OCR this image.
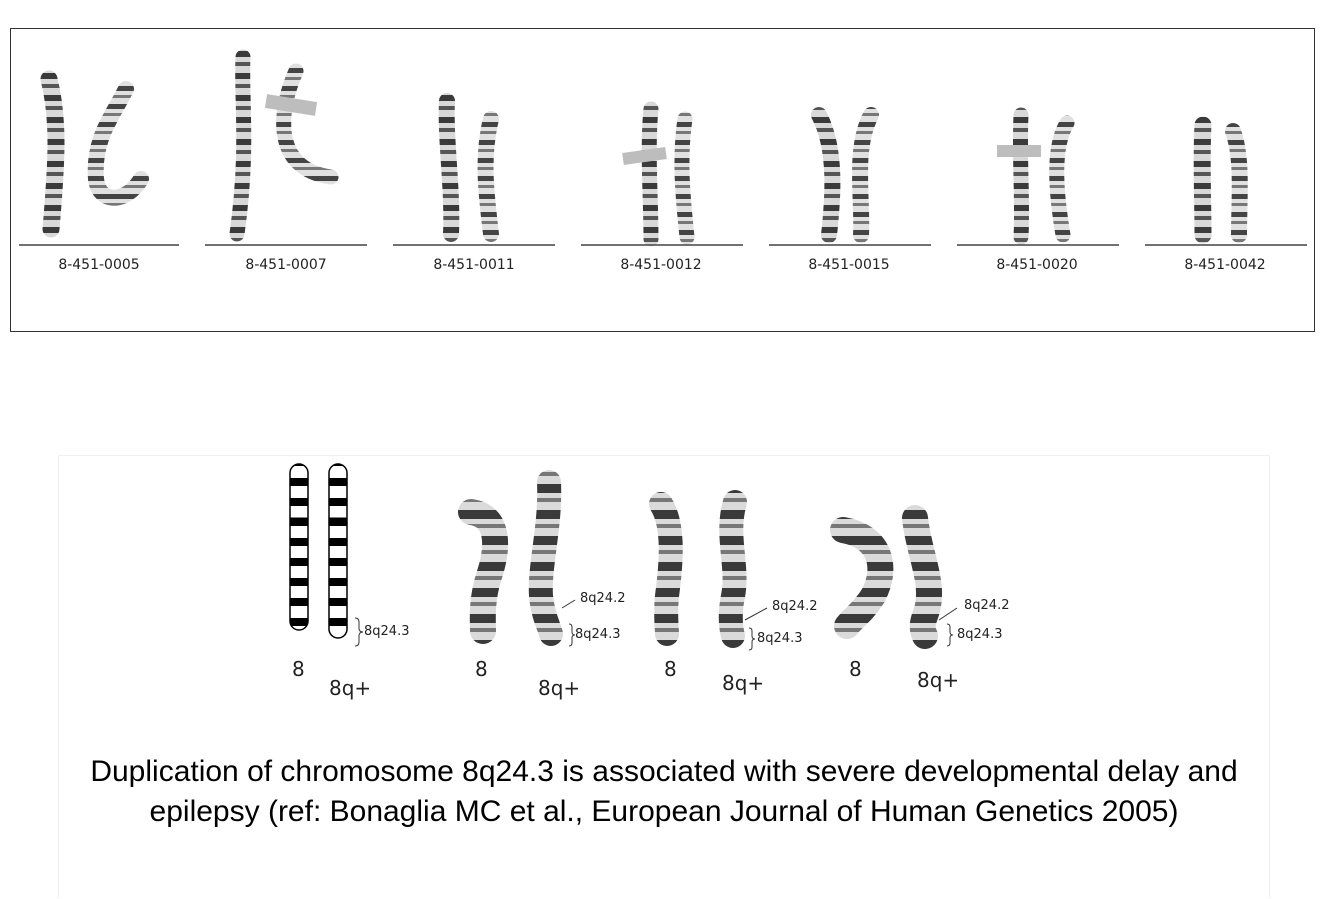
8-451-0005	8-451-0007	8-451-0011	8-451-0012	8-451-0015	8-451-0020	8-451-0042
8q24.3
8q24.2
8q24.3
8q24.2
8q24.3
8q24.2
8q24.3
8
8q+
8
8q+
8
8q+
8	8q+
Duplication of chromosome 8q24.3 is associated with severe developmental delay and epilepsy (ref: Bonaglia MC et al., European Journal of Human Genetics 2005)
